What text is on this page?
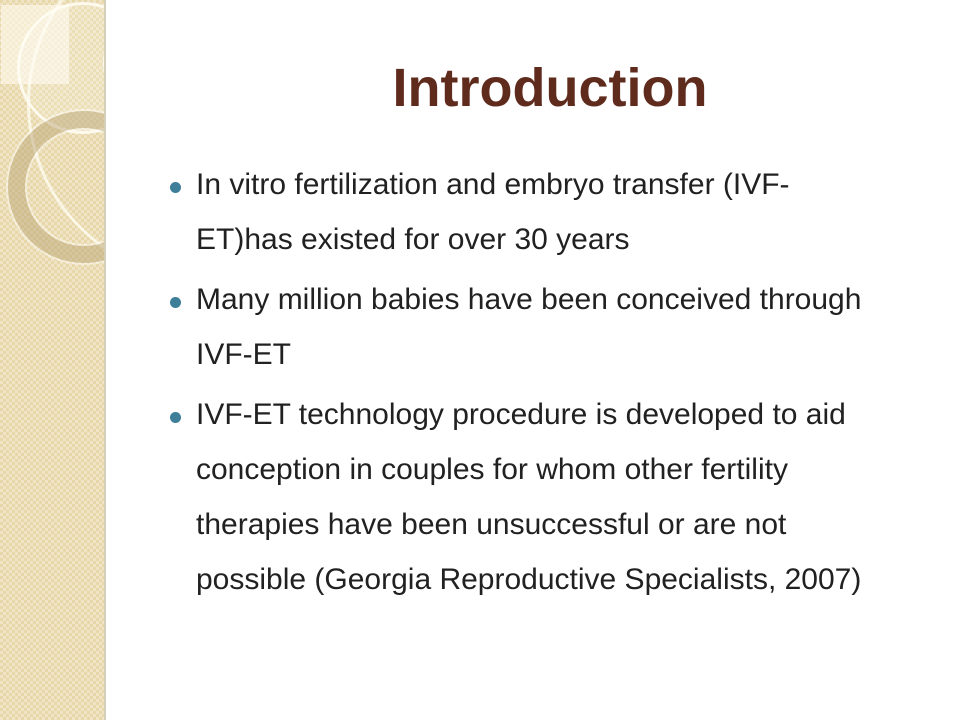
Introduction
In vitro fertilization and embryo transfer (IVF-
ET)has existed for over 30 years
Many million babies have been conceived through
IVF-ET
IVF-ET technology procedure is developed to aid
conception in couples for whom other fertility
therapies have been unsuccessful or are not
possible (Georgia Reproductive Specialists, 2007)
